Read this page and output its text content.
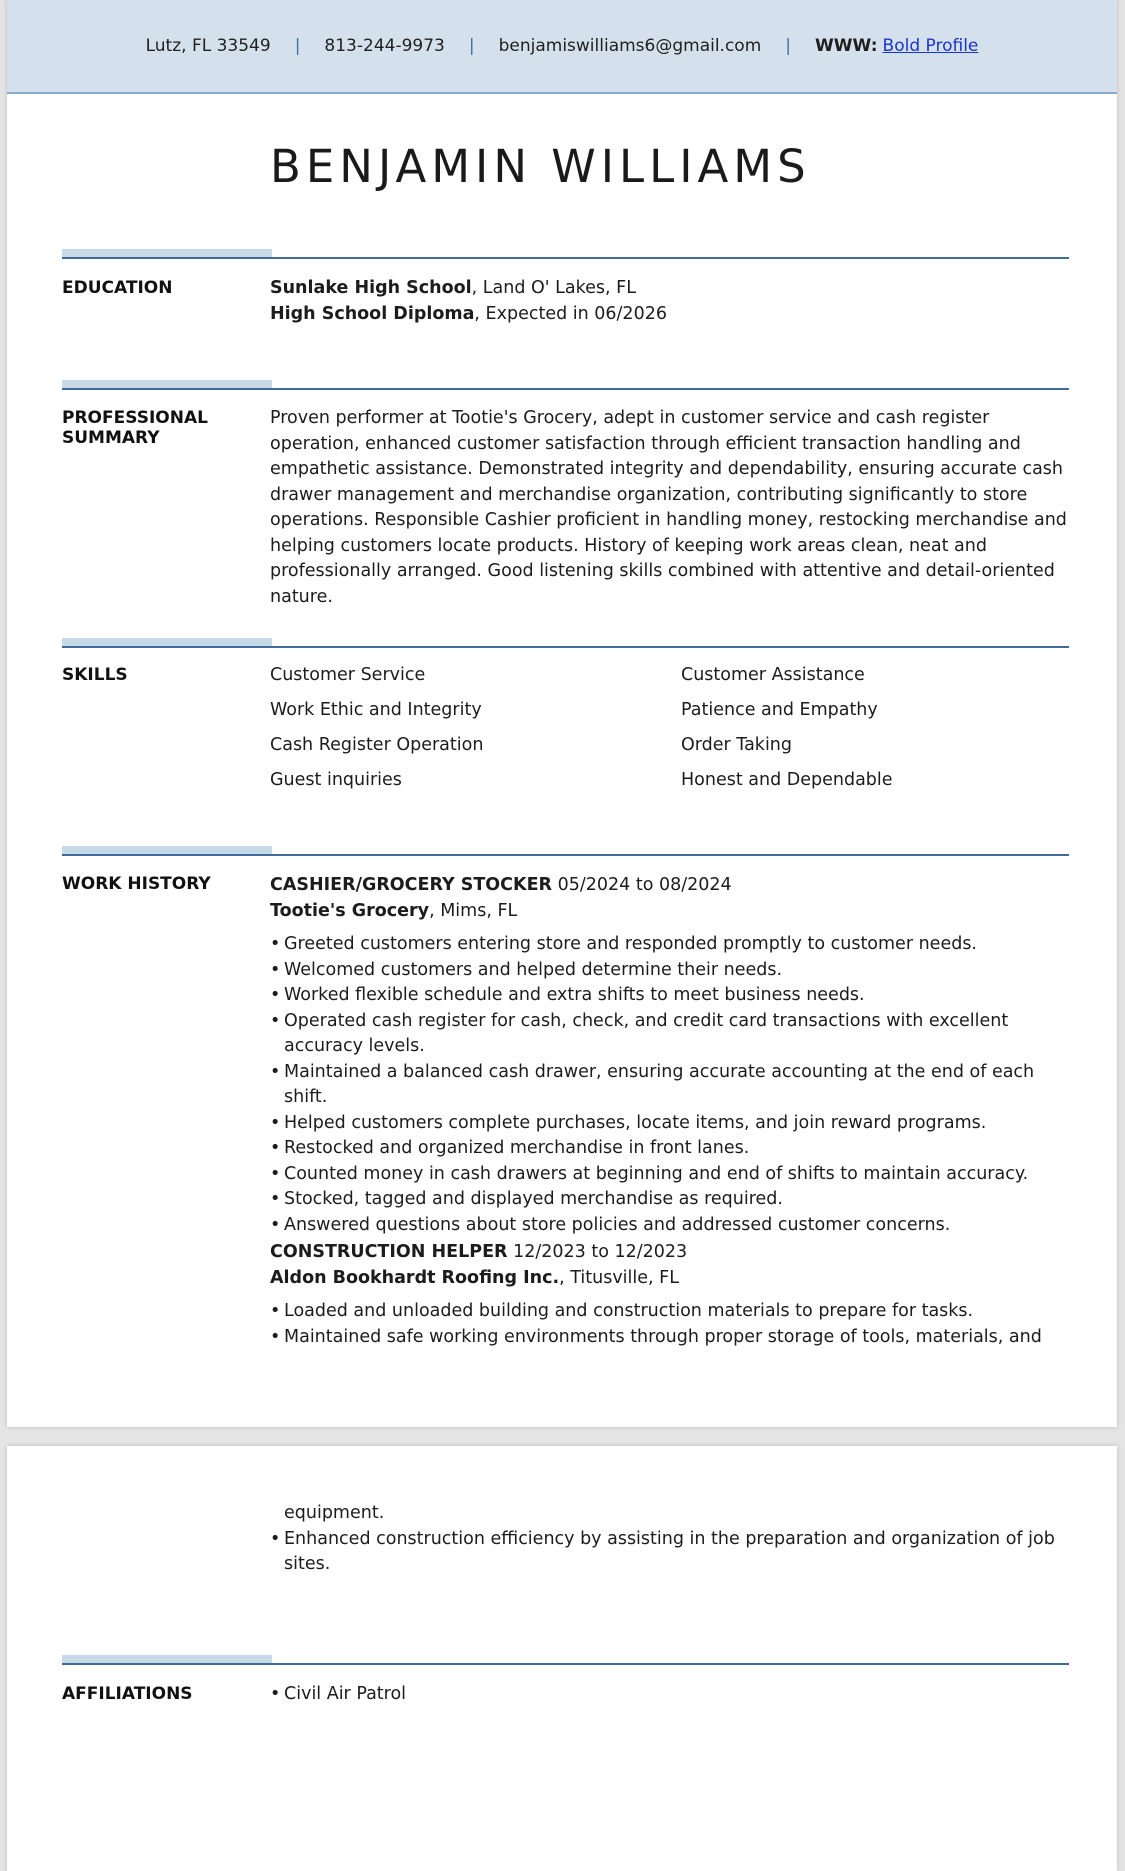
Lutz, FL 33549 | 813-244-9973 | benjamiswilliams6@gmail.com | WWW: Bold Profile
BENJAMIN WILLIAMS
EDUCATION	Sunlake High School, Land O' Lakes, FL
High School Diploma, Expected in 06/2026
PROFESSIONAL SUMMARY
Proven performer at Tootie's Grocery, adept in customer service and cash register operation, enhanced customer satisfaction through efficient transaction handling and empathetic assistance. Demonstrated integrity and dependability, ensuring accurate cash drawer management and merchandise organization, contributing significantly to store operations. Responsible Cashier proficient in handling money, restocking merchandise and helping customers locate products. History of keeping work areas clean, neat and professionally arranged. Good listening skills combined with attentive and detail-oriented nature.
SKILLS	Customer Service	Customer Assistance
Work Ethic and Integrity	Patience and Empathy
Cash Register Operation	Order Taking
Guest inquiries	Honest and Dependable
WORK HISTORY	CASHIER/GROCERY STOCKER 05/2024 to 08/2024
Tootie's Grocery, Mims, FL
• Greeted customers entering store and responded promptly to customer needs.
• Welcomed customers and helped determine their needs.
• Worked flexible schedule and extra shifts to meet business needs.
• Operated cash register for cash, check, and credit card transactions with excellent accuracy levels.
• Maintained a balanced cash drawer, ensuring accurate accounting at the end of each shift.
• Helped customers complete purchases, locate items, and join reward programs.
• Restocked and organized merchandise in front lanes.
• Counted money in cash drawers at beginning and end of shifts to maintain accuracy.
• Stocked, tagged and displayed merchandise as required.
• Answered questions about store policies and addressed customer concerns.
CONSTRUCTION HELPER 12/2023 to 12/2023
Aldon Bookhardt Roofing Inc., Titusville, FL
• Loaded and unloaded building and construction materials to prepare for tasks.
• Maintained safe working environments through proper storage of tools, materials, and
equipment.
• Enhanced construction efficiency by assisting in the preparation and organization of job sites.
AFFILIATIONS
•	Civil Air Patrol
